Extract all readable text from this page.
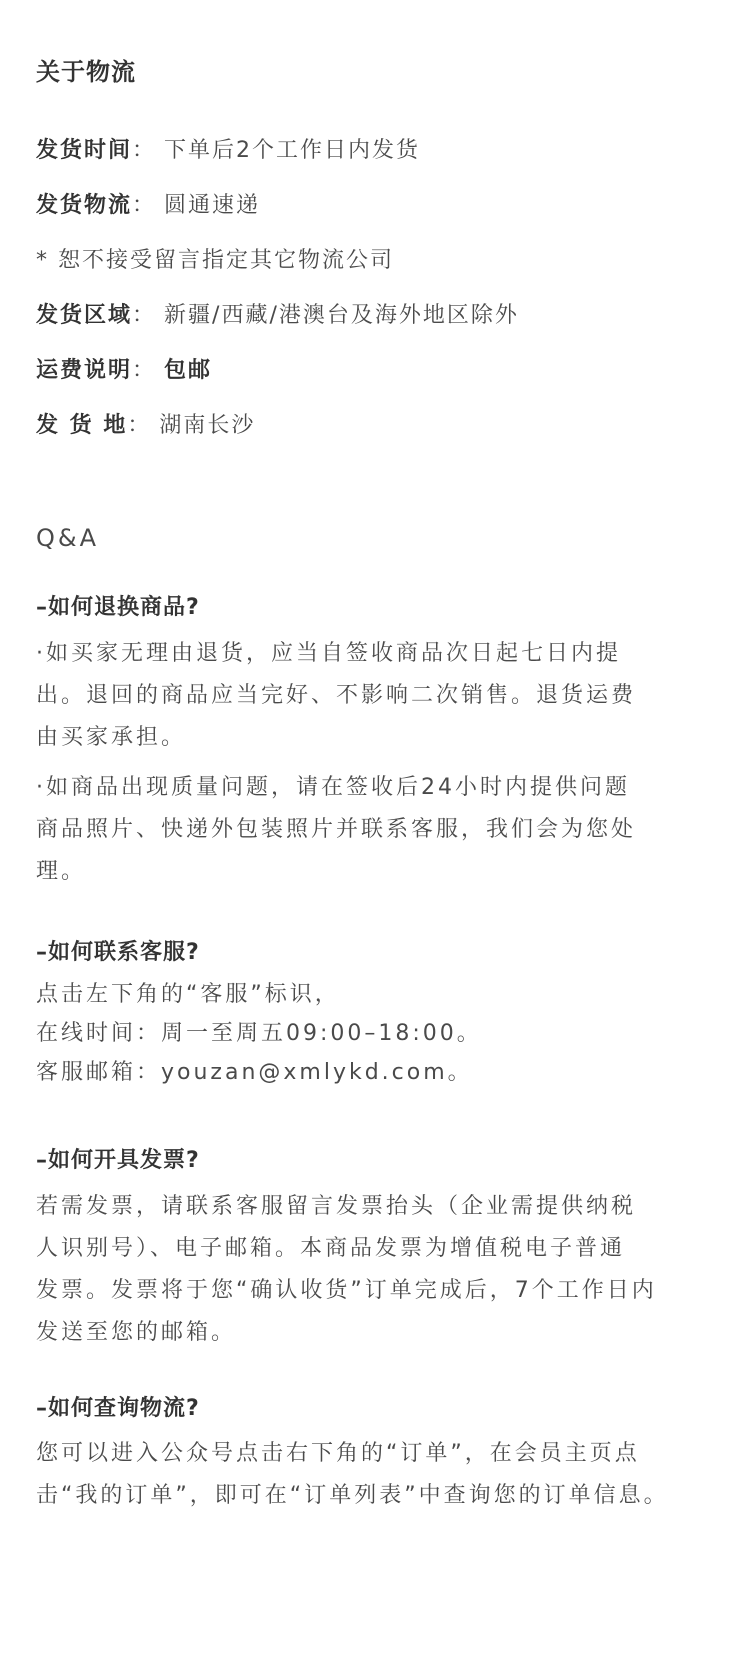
关于物流
发货时间： 下单后2个工作日内发货
发货物流： 圆通速递
* 恕不接受留言指定其它物流公司
发货区域： 新疆/西藏/港澳台及海外地区除外
运费说明： 包邮
发 货 地： 湖南长沙
Q&A
–如何退换商品?
·如买家无理由退货，应当自签收商品次日起七日内提
出。退回的商品应当完好、不影响二次销售。退货运费
由买家承担。
·如商品出现质量问题，请在签收后24小时内提供问题
商品照片、快递外包装照片并联系客服，我们会为您处
理。
–如何联系客服?
点击左下角的“客服”标识，
在线时间：周一至周五09:00–18:00。
客服邮箱：youzan@xmlykd.com。
–如何开具发票?
若需发票，请联系客服留言发票抬头（企业需提供纳税
人识别号）、电子邮箱。本商品发票为增值税电子普通
发票。发票将于您“确认收货”订单完成后，7个工作日内
发送至您的邮箱。
–如何查询物流?
您可以进入公众号点击右下角的“订单”，在会员主页点
击“我的订单”，即可在“订单列表”中查询您的订单信息。
